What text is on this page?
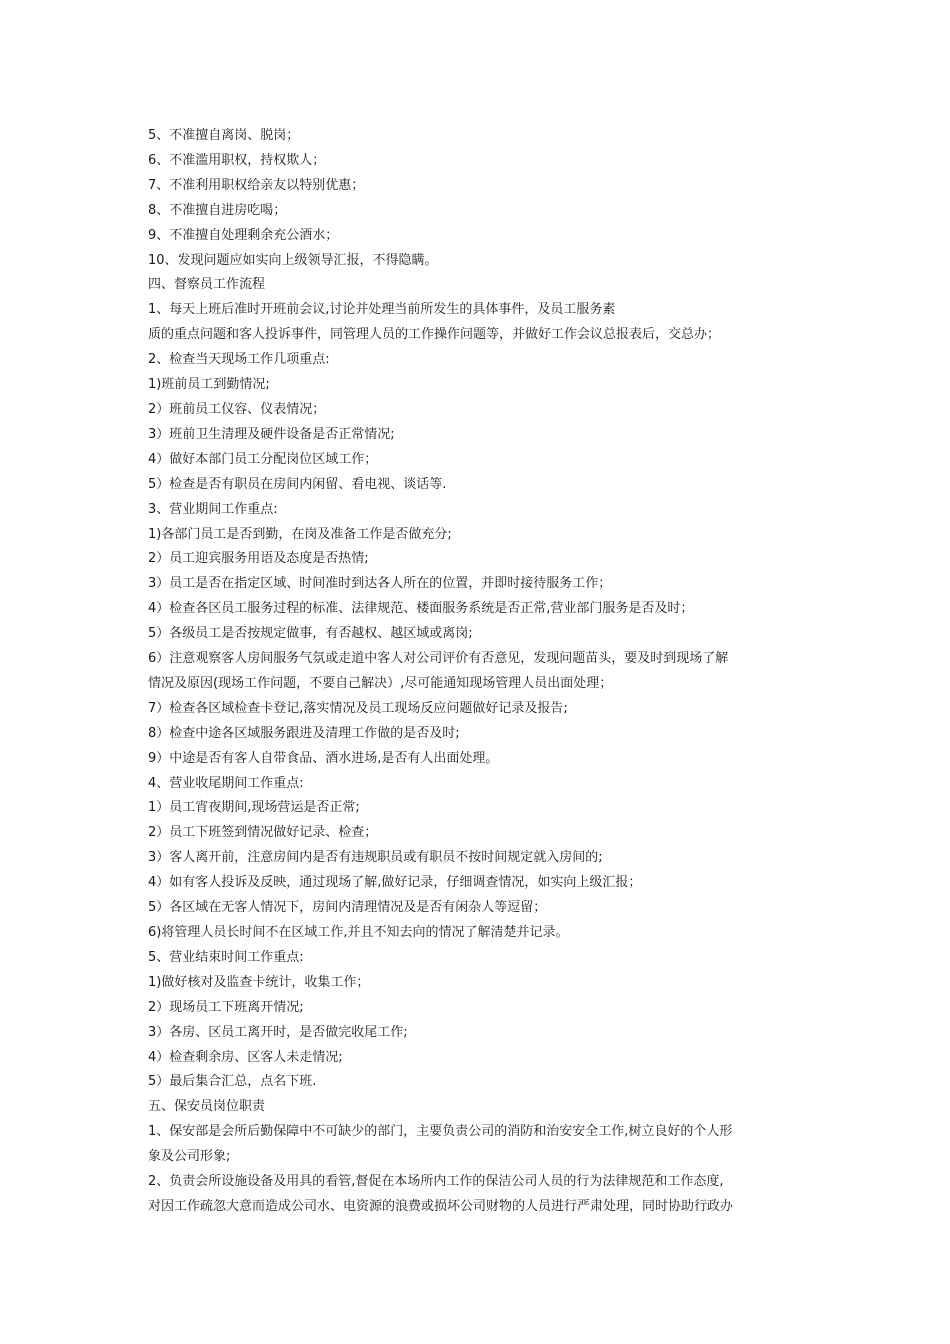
5、不准擅自离岗、脱岗；
6、不准滥用职权，持权欺人；
7、不准利用职权给亲友以特别优惠；
8、不准擅自进房吃喝；
9、不准擅自处理剩余充公酒水；
10、发现问题应如实向上级领导汇报，不得隐瞒。
四、督察员工作流程
1、每天上班后准时开班前会议,讨论并处理当前所发生的具体事件，及员工服务素
质的重点问题和客人投诉事件，同管理人员的工作操作问题等，并做好工作会议总报表后，交总办；
2、检查当天现场工作几项重点:
1)班前员工到勤情况;
2）班前员工仪容、仪表情况；
3）班前卫生清理及硬件设备是否正常情况;
4）做好本部门员工分配岗位区域工作；
5）检查是否有职员在房间内闲留、看电视、谈话等.
3、营业期间工作重点:
1)各部门员工是否到勤，在岗及准备工作是否做充分;
2）员工迎宾服务用语及态度是否热情;
3）员工是否在指定区域、时间准时到达各人所在的位置，并即时接待服务工作；
4）检查各区员工服务过程的标准、法律规范、楼面服务系统是否正常,营业部门服务是否及时；
5）各级员工是否按规定做事，有否越权、越区域或离岗;
6）注意观察客人房间服务气氛或走道中客人对公司评价有否意见，发现问题苗头，要及时到现场了解
情况及原因(现场工作问题，不要自己解决）,尽可能通知现场管理人员出面处理；
7）检查各区域检查卡登记,落实情况及员工现场反应问题做好记录及报告;
8）检查中途各区域服务跟进及清理工作做的是否及时;
9）中途是否有客人自带食品、酒水进场,是否有人出面处理。
4、营业收尾期间工作重点:
1）员工宵夜期间,现场营运是否正常;
2）员工下班签到情况做好记录、检查；
3）客人离开前，注意房间内是否有违规职员或有职员不按时间规定就入房间的;
4）如有客人投诉及反映，通过现场了解,做好记录，仔细调查情况，如实向上级汇报；
5）各区域在无客人情况下，房间内清理情况及是否有闲杂人等逗留；
6)将管理人员长时间不在区域工作,并且不知去向的情况了解清楚并记录。
5、营业结束时间工作重点:
1)做好核对及监查卡统计，收集工作；
2）现场员工下班离开情况;
3）各房、区员工离开时，是否做完收尾工作;
4）检查剩余房、区客人未走情况;
5）最后集合汇总，点名下班.
五、保安员岗位职责
1、保安部是会所后勤保障中不可缺少的部门，主要负责公司的消防和治安安全工作,树立良好的个人形
象及公司形象;
2、负责会所设施设备及用具的看管,督促在本场所内工作的保洁公司人员的行为法律规范和工作态度,
对因工作疏忽大意而造成公司水、电资源的浪费或损坏公司财物的人员进行严肃处理，同时协助行政办
